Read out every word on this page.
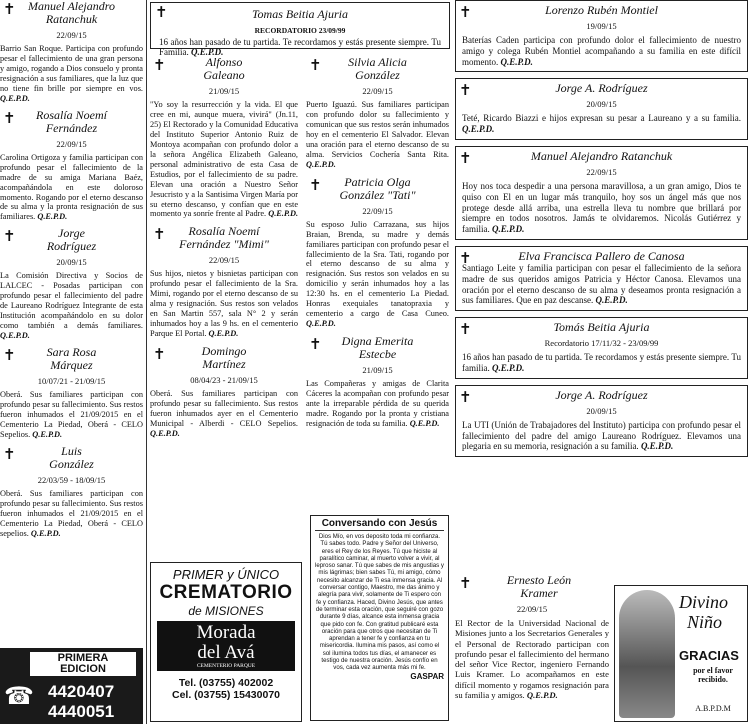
✝	Manuel Alejandro
Ratanchuk
22/09/15
Barrio San Roque. Participa con profundo pesar el fallecimiento de una gran persona y amigo, rogando a Dios consuelo y pronta resignación a sus familiares, que la luz que no tiene fin brille por siempre en vos. Q.E.P.D.
✝	Rosalía Noemí
Fernández
22/09/15
Carolina Ortigoza y familia participan con profundo pesar el fallecimiento de la madre de su amiga Mariana Baéz, acompañándola en este doloroso momento. Rogando por el eterno descanso de su alma y la pronta resignación de sus familiares. Q.E.P.D.
✝	Jorge
Rodríguez
20/09/15
La Comisión Directiva y Socios de LALCEC - Posadas participan con profundo pesar el fallecimiento del padre de Laureano Rodríguez Integrante de esta Institución acompañándolo en su dolor como también a demás familiares. Q.E.P.D.
✝	Sara Rosa
Márquez
10/07/21 - 21/09/15
Oberá. Sus familiares participan con profundo pesar su fallecimiento. Sus restos fueron inhumados el 21/09/2015 en el Cementerio La Piedad, Oberá - CELO Sepelios. Q.E.P.D.
✝	Luis
González
22/03/59 - 18/09/15
Oberá. Sus familiares participan con profundo pesar su fallecimiento. Sus restos fueron inhumados el 21/09/2015 en el Cementerio La Piedad, Oberá - CELO sepelios. Q.E.P.D.
✝	Tomas Beitia Ajuria
RECORDATORIO 23/09/99
16 años han pasado de tu partida. Te recordamos y estás presente siempre. Tu Familia. Q.E.P.D.
✝	Alfonso
Galeano
21/09/15
"Yo soy la resurrección y la vida. El que cree en mi, aunque muera, vivirá" (Jn.11, 25) El Rectorado y la Comunidad Educativa del Instituto Superior Antonio Ruiz de Montoya acompañan con profundo dolor a la señora Angélica Elizabeth Galeano, personal administrativo de esta Casa de Estudios, por el fallecimiento de su padre. Elevan una oración a Nuestro Señor Jesucristo y a la Santisima Virgen María por su eterno descanso, y confían que en este momento ya sonríe frente al Padre. Q.E.P.D.
✝	Rosalía Noemí
Fernández "Mimi"
22/09/15
Sus hijos, nietos y bisnietas participan con profundo pesar el fallecimiento de la Sra. Mimi, rogando por el eterno descanso de su alma y resignación. Sus restos son velados en San Martin 557, sala N° 2 y serán inhumados hoy a las 9 hs. en el cementerio Parque El Portal. Q.E.P.D.
✝	Domingo
Martínez
08/04/23 - 21/09/15
Oberá. Sus familiares participan con profundo pesar su fallecimiento. Sus restos fueron inhumados ayer en el Cementerio Municipal - Alberdi - CELO Sepelios. Q.E.P.D.
✝	Silvia Alicia
González
22/09/15
Puerto Iguazú. Sus familiares participan con profundo dolor su fallecimiento y comunican que sus restos serán inhumados hoy en el cementerio El Salvador. Elevan una oración para el eterno descanso de su alma. Servicios Cochería Santa Rita. Q.E.P.D.
✝	Patricia Olga
González "Tati"
22/09/15
Su esposo Julio Carrazana, sus hijos Braian, Brenda, su madre y demás familiares participan con profundo pesar el fallecimiento de la Sra. Tati, rogando por el eterno descanso de su alma y resignación. Sus restos son velados en su domicilio y serán inhumados hoy a las 12:30 hs. en el cementerio La Piedad. Honras exequiales tanatopraxia y cementerio a cargo de Casa Cuneo. Q.E.P.D.
✝	Digna Emerita
Estecbe
21/09/15
Las Compañeras y amigas de Clarita Cáceres la acompañan con profundo pesar ante la irreparable pérdida de su querida madre. Rogando por la pronta y cristiana resignación de toda su familia. Q.E.P.D.
Conversando con Jesús
Dios Mío, en vos deposito toda mi confianza. Tú sabes todo. Padre y Señor del Universo, eres el Rey de los Reyes. Tú que hiciste al paralítico caminar, al muerto volver a vivir, al leproso sanar. Tú que sabes de mis angustias y mis lágrimas; bien sabes Tú, mi amigo, cómo necesito alcanzar de Ti esa inmensa gracia. Al conversar contigo, Maestro, me das ánimo y alegría para vivir, solamente de Ti espero con fe y confianza. Haced, Divino Jesús, que antes de terminar esta oración, que seguiré con gozo durante 9 días, alcance esta inmensa gracia que pido con fe. Con gratitud publicaré esta oración para que otros que necesitan de Ti aprendan a tener fe y confianza en tu misericordia. Ilumina mis pasos, así como el sol ilumina todos tus días, el amanecer es testigo de nuestra oración. Jesús confío en vos, cada vez aumenta más mi fe.
GASPAR
PRIMER y ÚNICO
CREMATORIO
de MISIONES
Morada
del Avá
CEMENTERIO PARQUE
Tel. (03755) 402002
Cel. (03755) 15430070
PRIMERA
EDICION
☎ 4420407
4440051
✝	Lorenzo Rubén Montiel
19/09/15
Baterías Caden participa con profundo dolor el fallecimiento de nuestro amigo y colega Rubén Montiel acompañando a su familia en este difícil momento. Q.E.P.D.
✝	Jorge A. Rodríguez
20/09/15
Teté, Ricardo Biazzi e hijos expresan su pesar a Laureano y a su familia. Q.E.P.D.
✝	Manuel Alejandro Ratanchuk
22/09/15
Hoy nos toca despedir a una persona maravillosa, a un gran amigo, Dios te quiso con El en un lugar más tranquilo, hoy sos un ángel más que nos protege desde allá arriba, una estrella lleva tu nombre que brillará por siempre en todos nosotros. Jamás te olvidaremos. Nicolás Gutiérrez y familia. Q.E.P.D.
✝	Elva Francisca Pallero de Canosa
Santiago Leite y familia participan con pesar el fallecimiento de la señora madre de sus queridos amigos Patricia y Héctor Canosa. Elevamos una oración por el eterno descanso de su alma y deseamos pronta resignación a sus familiares. Que en paz descanse. Q.E.P.D.
✝	Tomás Beitia Ajuria
Recordatorio 17/11/32 - 23/09/99
16 años han pasado de tu partida. Te recordamos y estás presente siempre. Tu familia. Q.E.P.D.
✝	Jorge A. Rodríguez
20/09/15
La UTI (Unión de Trabajadores del Instituto) participa con profundo pesar el fallecimiento del padre del amigo Laureano Rodríguez. Elevamos una plegaria en su memoria, resignación a su familia. Q.E.P.D.
✝	Ernesto León
Kramer
22/09/15
El Rector de la Universidad Nacional de Misiones junto a los Secretarios Generales y el Personal de Rectorado participan con profundo pesar el fallecimiento del hermano del señor Vice Rector, ingeniero Fernando Luis Kramer. Lo acompañamos en este difícil momento y rogamos resignación para su familia y amigos. Q.E.P.D.
Divino
Niño
GRACIAS
por el favor
recibido.
A.B.P.D.M
